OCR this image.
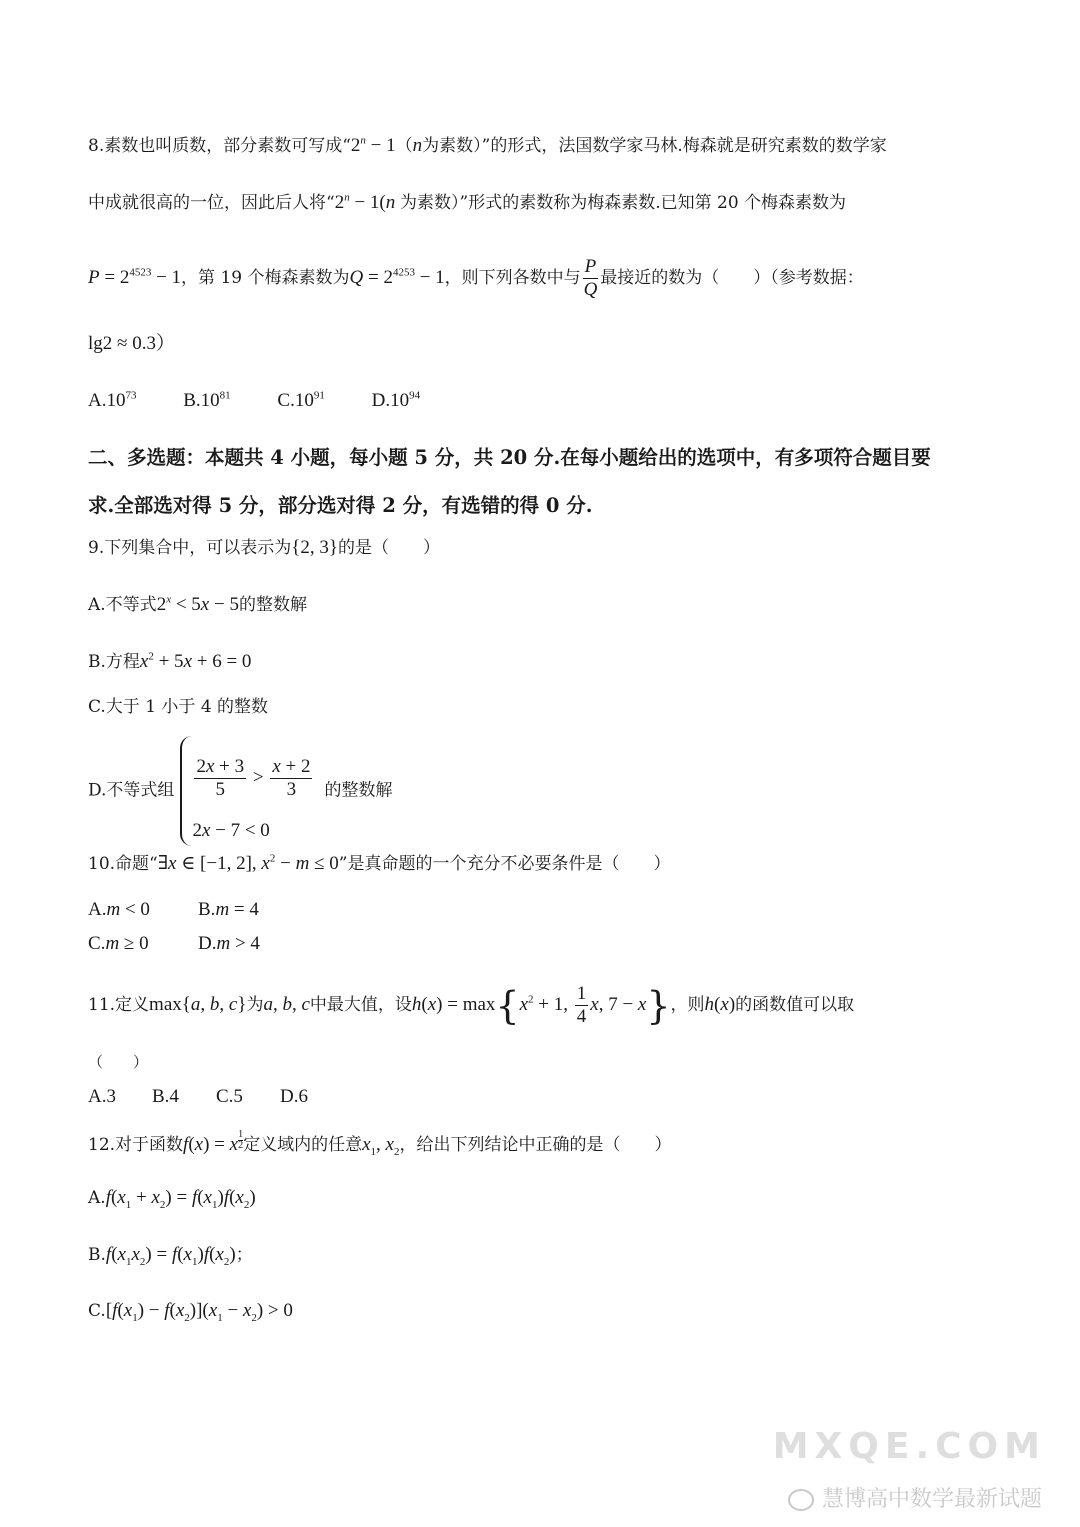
8.素数也叫质数，部分素数可写成“$2^n - 1(n$为素数）”的形式，法国数学家马林.梅森就是研究素数的数学家
中成就很高的一位，因此后人将“$2^n - 1(n$ 为素数）”形式的素数称为梅森素数.已知第 20 个梅森素数为
$P = 2^{4523} - 1$，第 19 个梅森素数为$Q = 2^{4253} - 1$，则下列各数中与 $\frac{P}{Q}$ 最接近的数为（　　）（参考数据：
lg2 ≈ 0.3）
$A.10^{73}$ $B.10^{81}$ $C.10^{91}$ $D.10^{94}$
二、多选题：本题共 4 小题，每小题 5 分，共 20 分.在每小题给出的选项中，有多项符合题目要
求.全部选对得 5 分，部分选对得 2 分，有选错的得 0 分.
9.下列集合中，可以表示为{2, 3}的是（　　）
A.不等式$2^x < 5x - 5$的整数解
B.方程$x^2 + 5x + 6 = 0$
C.大于 1 小于 4 的整数
D.不等式组 $\frac{2x + 3}{5} > \frac{x + 2}{3}$
2x − 7 < 0
的整数解
10.命题“∃x ∈ [−1, 2], $x^2 - m \le 0$”是真命题的一个充分不必要条件是（　　）
A.m < 0	B.m = 4
C.m ≥ 0	D.m > 4
11.定义max{a, b, c}为a, b, c中最大值，设$h(x) = \max\{x^2 + 1$, $\frac{1}{4} x$, 7 − x}，则h(x)的函数值可以取
（　　）
A.3 B.4 C.5 D.6
12.对于函数f(x) = x $^{\frac{1}{2}}$ 定义域内的任意$x_1$, $x_2$，给出下列结论中正确的是（　　）
$A.f(x_1 + x_2) = f(x_1)f(x_2)$
$B.f(x_1x_2) = f(x_1)f(x_2)$；
$C.[f(x_1) - f(x_2)](x_1 - x_2) > 0$
MXQE.COM
慧博高中数学最新试题
